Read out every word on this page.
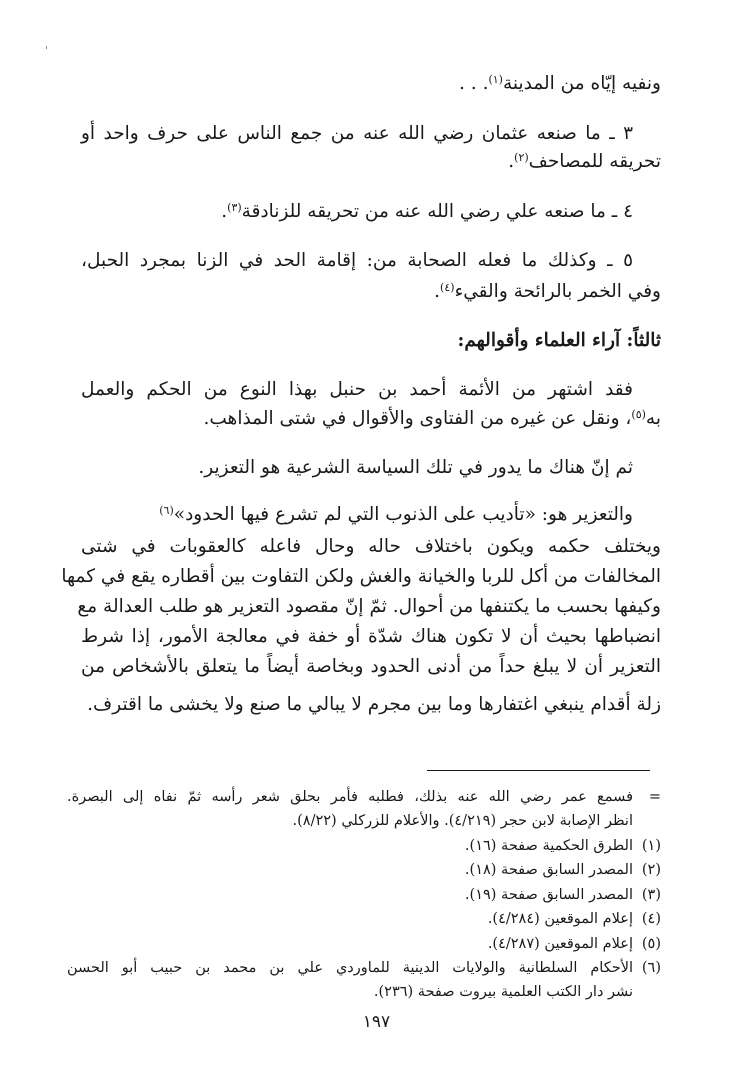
ونفيه إيّاه من المدينة$^{(١)}$. . .
٣ ـ ما صنعه عثمان رضي الله عنه من جمع الناس على حرف واحد أو
تحريقه للمصاحف$^{(٢)}$.
٤ ـ ما صنعه علي رضي الله عنه من تحريقه للزنادقة$^{(٣)}$.
٥ ـ وكذلك ما فعله الصحابة من: إقامة الحد في الزنا بمجرد الحبل،
وفي الخمر بالرائحة والقيء$^{(٤)}$.
ثالثاً: آراء العلماء وأقوالهم:
فقد اشتهر من الأئمة أحمد بن حنبل بهذا النوع من الحكم والعمل
به$^{(٥)}$، ونقل عن غيره من الفتاوى والأقوال في شتى المذاهب.
ثم إنّ هناك ما يدور في تلك السياسة الشرعية هو التعزير.
والتعزير هو: «تأديب على الذنوب التي لم تشرع فيها الحدود»$^{(٦)}$
ويختلف حكمه ويكون باختلاف حاله وحال فاعله كالعقوبات في شتى
المخالفات من أكل للربا والخيانة والغش ولكن التفاوت بين أقطاره يقع في كمها
وكيفها بحسب ما يكتنفها من أحوال. ثمّ إنّ مقصود التعزير هو طلب العدالة مع
انضباطها بحيث أن لا تكون هناك شدّة أو خفة في معالجة الأمور، إذا شرط
التعزير أن لا يبلغ حداً من أدنى الحدود وبخاصة أيضاً ما يتعلق بالأشخاص من
زلة أقدام ينبغي اغتفارها وما بين مجرم لا يبالي ما صنع ولا يخشى ما اقترف.
=
فسمع عمر رضي الله عنه بذلك، فطلبه فأمر بحلق شعر رأسه ثمّ نفاه إلى البصرة.
انظر الإصابة لابن حجر (٤/٢١٩). والأعلام للزركلي (٨/٢٢).
(١)
الطرق الحكمية صفحة (١٦).
(٢)
المصدر السابق صفحة (١٨).
(٣)
المصدر السابق صفحة (١٩).
(٤)
إعلام الموقعين (٤/٢٨٤).
(٥)
إعلام الموقعين (٤/٢٨٧).
(٦)
الأحكام السلطانية والولايات الدينية للماوردي علي بن محمد بن حبيب أبو الحسن
نشر دار الكتب العلمية بيروت صفحة (٢٣٦).
١٩٧
